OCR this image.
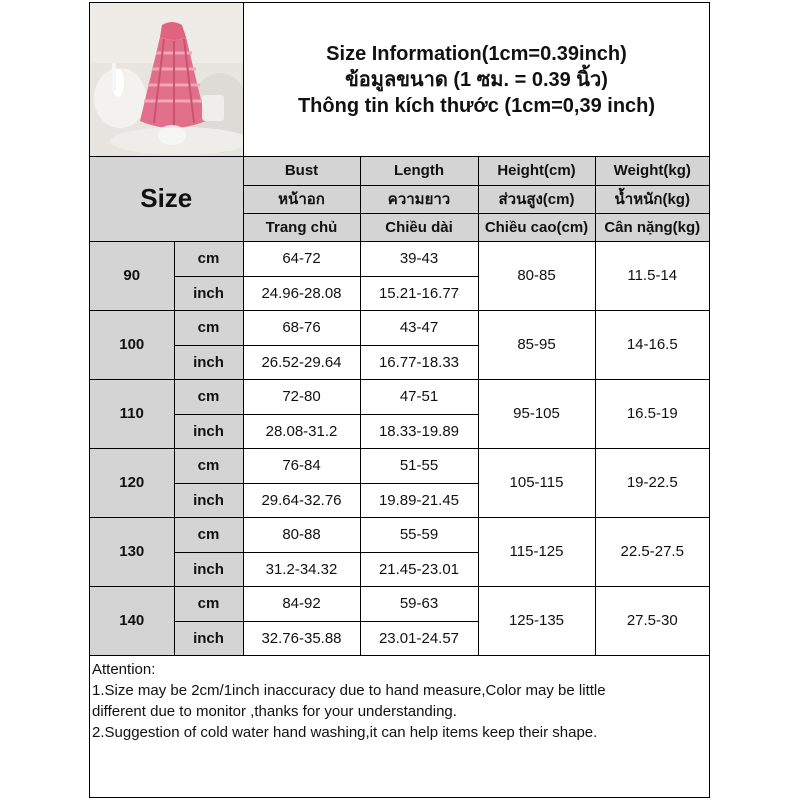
Size Information(1cm=0.39inch)
ข้อมูลขนาด (1 ซม. = 0.39 นิ้ว)
Thông tin kích thước (1cm=0,39 inch)
Size		Bust	Length	Height(cm)	Weight(kg)
		หน้าอก	ความยาว	ส่วนสูง(cm)	น้ำหนัก(kg)
		Trang chủ	Chiều dài	Chiều cao(cm)	Cân nặng(kg)
90	cm	64-72	39-43	80-85	11.5-14
	inch	24.96-28.08	15.21-16.77		
100	cm	68-76	43-47	85-95	14-16.5
	inch	26.52-29.64	16.77-18.33		
110	cm	72-80	47-51	95-105	16.5-19
	inch	28.08-31.2	18.33-19.89		
120	cm	76-84	51-55	105-115	19-22.5
	inch	29.64-32.76	19.89-21.45		
130	cm	80-88	55-59	115-125	22.5-27.5
	inch	31.2-34.32	21.45-23.01		
140	cm	84-92	59-63	125-135	27.5-30
	inch	32.76-35.88	23.01-24.57		
Attention:
1.Size may be 2cm/1inch inaccuracy due to hand measure,Color may be little
different due to monitor ,thanks for your understanding.
2.Suggestion of cold water hand washing,it can help items keep their shape.
